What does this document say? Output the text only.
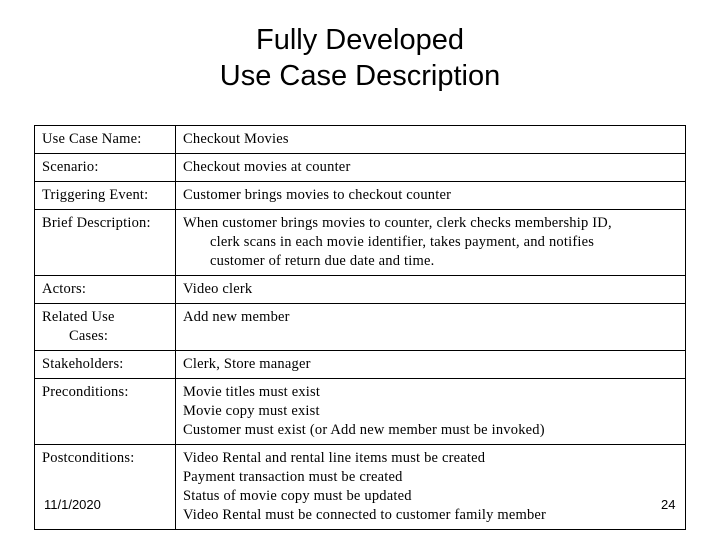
Fully Developed
Use Case Description
Use Case Name:	Checkout Movies
Scenario:	Checkout movies at counter
Triggering Event:	Customer brings movies to checkout counter
Brief Description:	When customer brings movies to counter, clerk checks membership ID,
clerk scans in each movie identifier, takes payment, and notifies
customer of return due date and time.

Actors:	Video clerk

Related Use
Cases:	Add new member
Stakeholders:	Clerk, Store manager
Preconditions:	Movie titles must exist
Movie copy must exist
Customer must exist (or Add new member must be invoked)

Postconditions:	Video Rental and rental line items must be created
Payment transaction must be created
Status of movie copy must be updated
Video Rental must be connected to customer family member
11/1/2020	24
